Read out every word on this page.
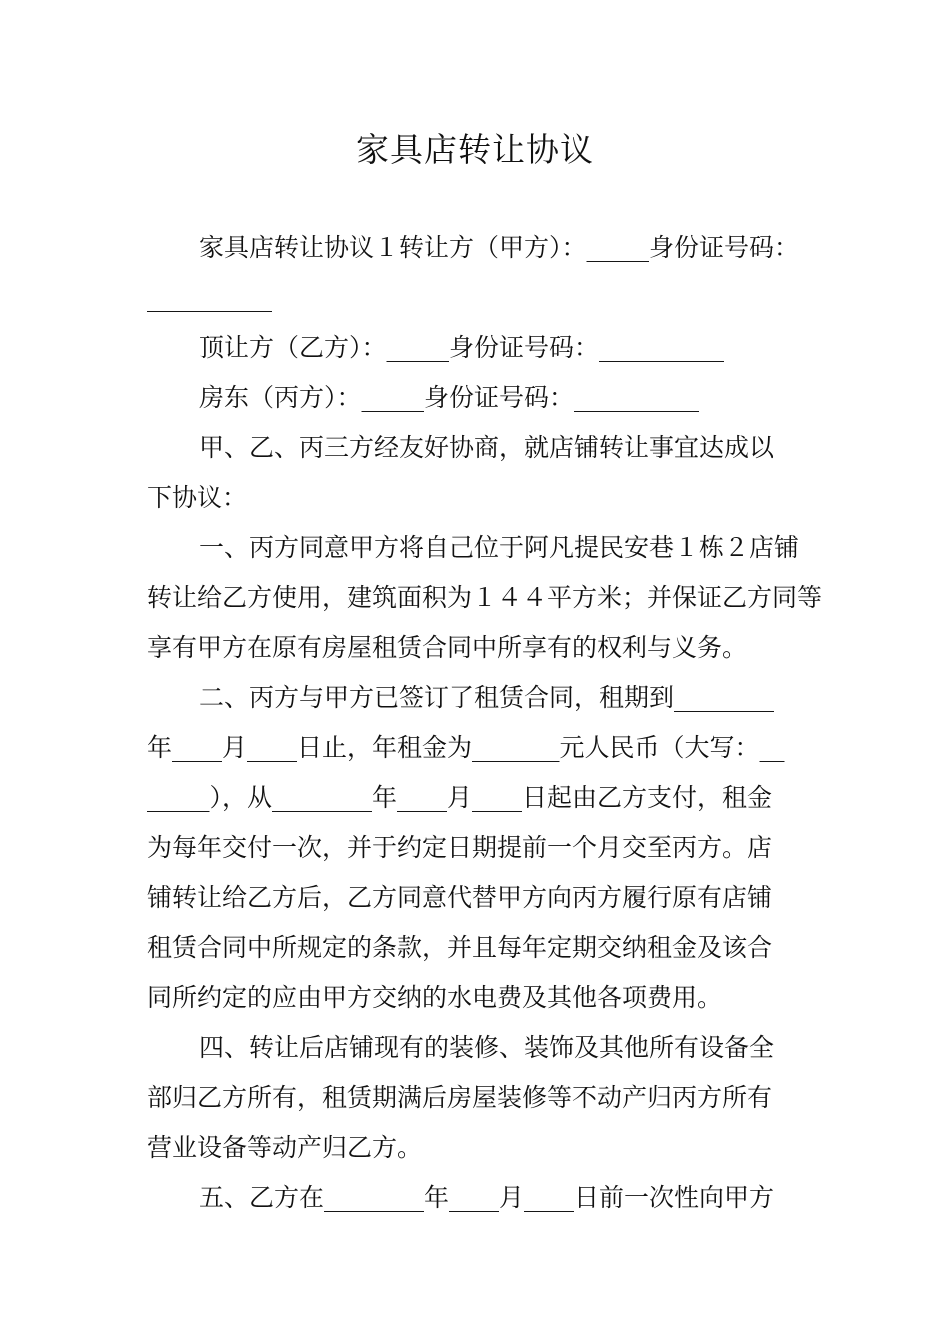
家具店转让协议

家具店转让协议１转让方（甲方）：_____身份证号码：

__________

顶让方（乙方）：_____身份证号码：__________

房东（丙方）：_____身份证号码：__________

甲、乙、丙三方经友好协商，就店铺转让事宜达成以

下协议：

一、丙方同意甲方将自己位于阿凡提民安巷１栋２店铺

转让给乙方使用，建筑面积为１４４平方米；并保证乙方同等

享有甲方在原有房屋租赁合同中所享有的权利与义务。

二、丙方与甲方已签订了租赁合同，租期到________

年____月____日止，年租金为_______元人民币（大写：__

_____），从________年____月____日起由乙方支付，租金

为每年交付一次，并于约定日期提前一个月交至丙方。店

铺转让给乙方后，乙方同意代替甲方向丙方履行原有店铺

租赁合同中所规定的条款，并且每年定期交纳租金及该合

同所约定的应由甲方交纳的水电费及其他各项费用。

四、转让后店铺现有的装修、装饰及其他所有设备全

部归乙方所有，租赁期满后房屋装修等不动产归丙方所有

营业设备等动产归乙方。

五、乙方在________年____月____日前一次性向甲方
